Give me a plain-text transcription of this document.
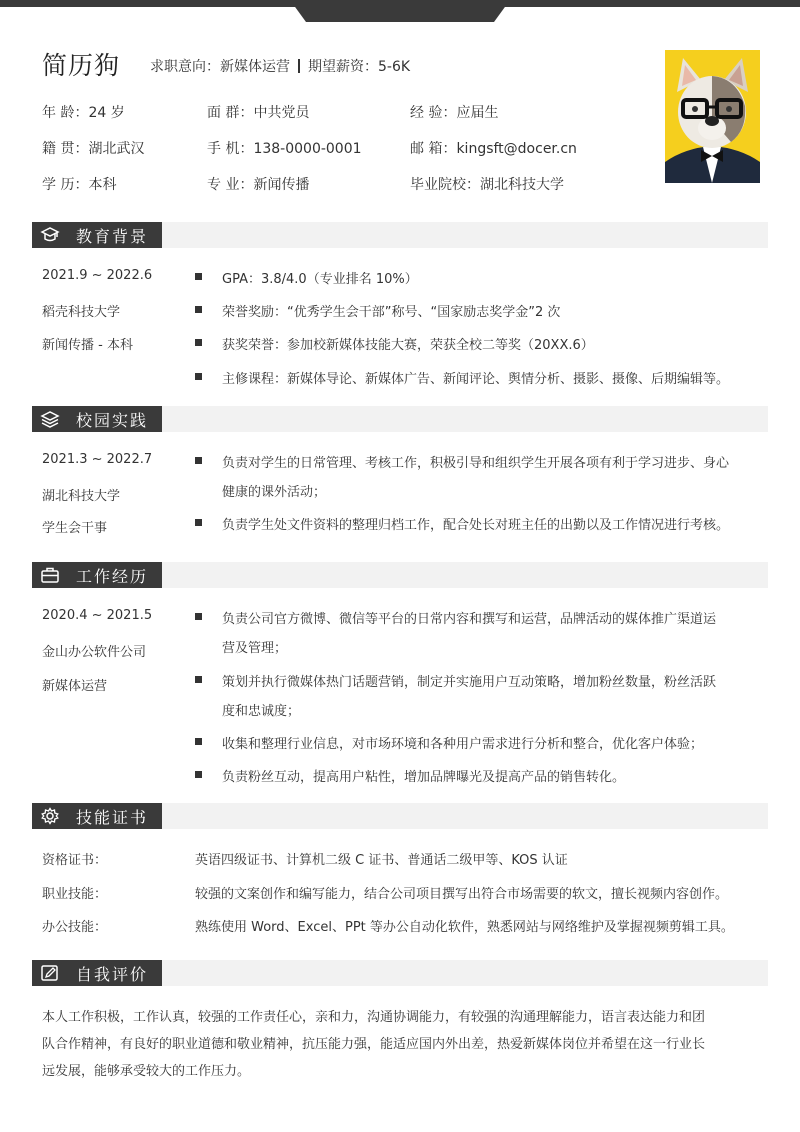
简历狗 求职意向：新媒体运营 期望薪资：5-6K
年 龄：24 岁	面 群：中共党员	经 验：应届生
籍 贯：湖北武汉	手 机：138-0000-0001	邮 箱：kingsft@docer.cn
学 历：本科	专 业：新闻传播	毕业院校：湖北科技大学
教育背景
2021.9 ~ 2022.6
稻壳科技大学
新闻传播 - 本科
GPA：3.8/4.0（专业排名 10%）
荣誉奖励：“优秀学生会干部”称号、“国家励志奖学金”2 次
获奖荣誉：参加校新媒体技能大赛，荣获全校二等奖（20XX.6）
主修课程：新媒体导论、新媒体广告、新闻评论、舆情分析、摄影、摄像、后期编辑等。
校园实践
2021.3 ~ 2022.7
湖北科技大学
学生会干事
负责对学生的日常管理、考核工作，积极引导和组织学生开展各项有利于学习进步、身心
健康的课外活动；
负责学生处文件资料的整理归档工作，配合处长对班主任的出勤以及工作情况进行考核。
工作经历
2020.4 ~ 2021.5
金山办公软件公司
新媒体运营
负责公司官方微博、微信等平台的日常内容和撰写和运营，品牌活动的媒体推广渠道运
营及管理；
策划并执行微媒体热门话题营销，制定并实施用户互动策略，增加粉丝数量，粉丝活跃
度和忠诚度；
收集和整理行业信息，对市场环境和各种用户需求进行分析和整合，优化客户体验；
负责粉丝互动，提高用户粘性，增加品牌曝光及提高产品的销售转化。
技能证书
资格证书：	英语四级证书、计算机二级 C 证书、普通话二级甲等、KOS 认证
职业技能：	较强的文案创作和编写能力，结合公司项目撰写出符合市场需要的软文，擅长视频内容创作。
办公技能：	熟练使用 Word、Excel、PPt 等办公自动化软件，熟悉网站与网络维护及掌握视频剪辑工具。
自我评价
本人工作积极，工作认真，较强的工作责任心，亲和力，沟通协调能力，有较强的沟通理解能力，语言表达能力和团
队合作精神，有良好的职业道德和敬业精神，抗压能力强，能适应国内外出差，热爱新媒体岗位并希望在这一行业长
远发展，能够承受较大的工作压力。
